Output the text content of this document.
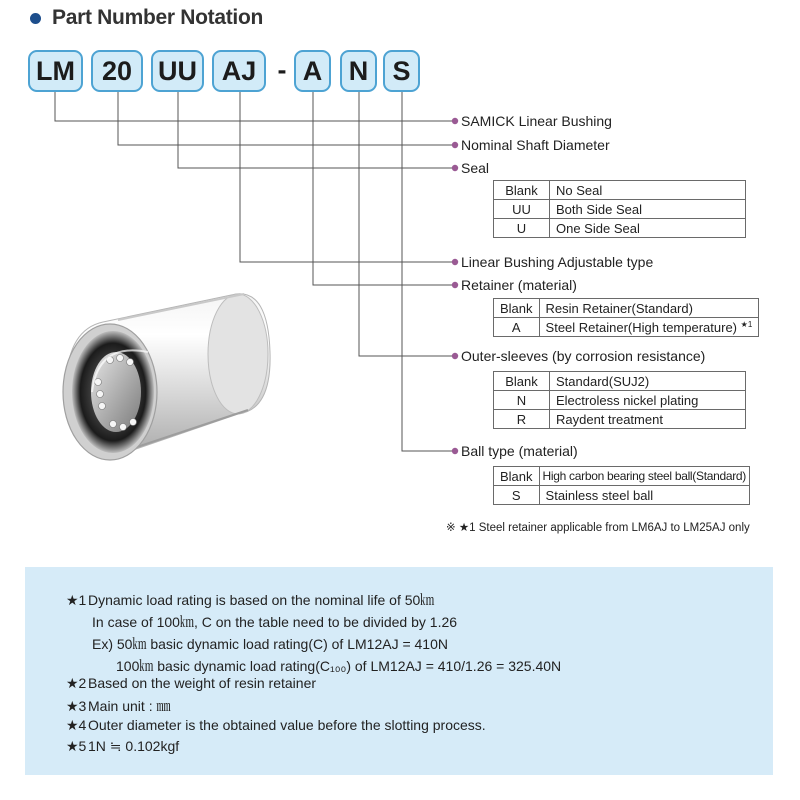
Part Number Notation
LM 20 UU AJ - A N S
SAMICK Linear Bushing
Nominal Shaft Diameter
Seal
Linear Bushing Adjustable type
Retainer (material)
Outer-sleeves (by corrosion resistance)
Ball type (material)
Blank	No Seal
UU	Both Side Seal
U	One Side Seal
Blank	Resin Retainer(Standard)
A	Steel Retainer(High temperature) $^{★1}$
Blank	Standard(SUJ2)
N	Electroless nickel plating
R	Raydent treatment
Blank	High carbon bearing steel ball(Standard)
S	Stainless steel ball
※ ★1 Steel retainer applicable from LM6AJ to LM25AJ only
★1 Dynamic load rating is based on the nominal life of 50㎞
In case of 100㎞, C on the table need to be divided by 1.26
Ex) 50㎞ basic dynamic load rating(C) of LM12AJ = 410N
100㎞ basic dynamic load rating(C₁₀₀) of LM12AJ = 410/1.26 = 325.40N
★2 Based on the weight of resin retainer
★3 Main unit : ㎜
★4 Outer diameter is the obtained value before the slotting process.
★5 1N ≒ 0.102kgf
